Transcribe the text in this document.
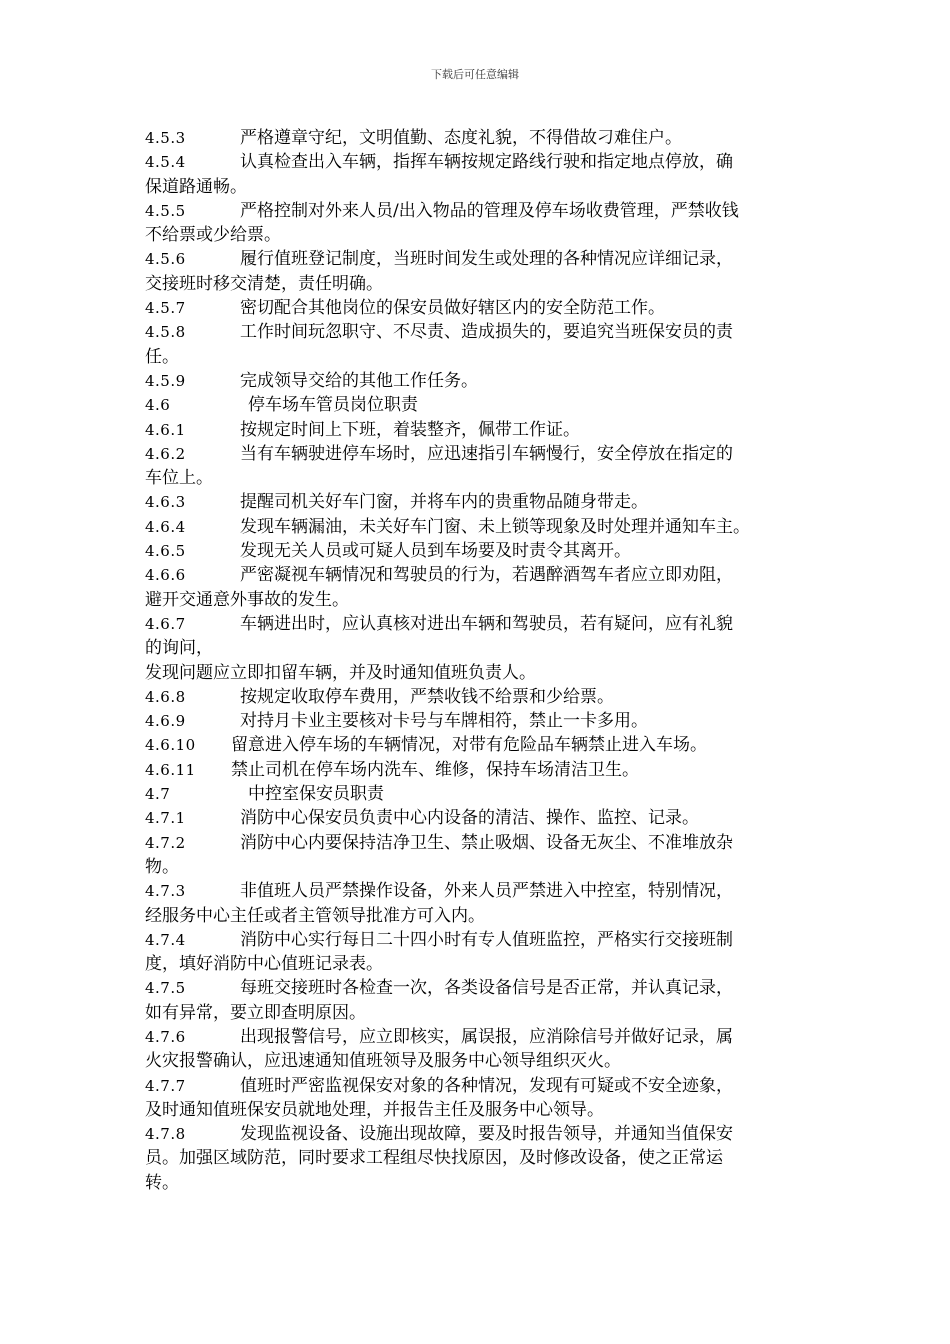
下载后可任意编辑
4.5.3	严格遵章守纪，文明值勤、态度礼貌，不得借故刁难住户。
4.5.4	认真检查出入车辆，指挥车辆按规定路线行驶和指定地点停放，确
保道路通畅。
4.5.5	严格控制对外来人员/出入物品的管理及停车场收费管理，严禁收钱
不给票或少给票。
4.5.6	履行值班登记制度，当班时间发生或处理的各种情况应详细记录，
交接班时移交清楚，责任明确。
4.5.7	密切配合其他岗位的保安员做好辖区内的安全防范工作。
4.5.8	工作时间玩忽职守、不尽责、造成损失的，要追究当班保安员的责
任。
4.5.9	完成领导交给的其他工作任务。
4.6	停车场车管员岗位职责
4.6.1	按规定时间上下班，着装整齐，佩带工作证。
4.6.2	当有车辆驶进停车场时，应迅速指引车辆慢行，安全停放在指定的
车位上。
4.6.3	提醒司机关好车门窗，并将车内的贵重物品随身带走。
4.6.4	发现车辆漏油，未关好车门窗、未上锁等现象及时处理并通知车主。
4.6.5	发现无关人员或可疑人员到车场要及时责令其离开。
4.6.6	严密凝视车辆情况和驾驶员的行为，若遇醉酒驾车者应立即劝阻，
避开交通意外事故的发生。
4.6.7	车辆进出时，应认真核对进出车辆和驾驶员，若有疑问，应有礼貌
的询问，
发现问题应立即扣留车辆，并及时通知值班负责人。
4.6.8	按规定收取停车费用，严禁收钱不给票和少给票。
4.6.9	对持月卡业主要核对卡号与车牌相符，禁止一卡多用。
4.6.10 留意进入停车场的车辆情况，对带有危险品车辆禁止进入车场。
4.6.11 禁止司机在停车场内洗车、维修，保持车场清洁卫生。
4.7	中控室保安员职责
4.7.1	消防中心保安员负责中心内设备的清洁、操作、监控、记录。
4.7.2	消防中心内要保持洁净卫生、禁止吸烟、设备无灰尘、不准堆放杂
物。
4.7.3	非值班人员严禁操作设备，外来人员严禁进入中控室，特别情况，
经服务中心主任或者主管领导批准方可入内。
4.7.4	消防中心实行每日二十四小时有专人值班监控，严格实行交接班制
度，填好消防中心值班记录表。
4.7.5	每班交接班时各检查一次，各类设备信号是否正常，并认真记录，
如有异常，要立即查明原因。
4.7.6	出现报警信号，应立即核实，属误报，应消除信号并做好记录，属
火灾报警确认，应迅速通知值班领导及服务中心领导组织灭火。
4.7.7	值班时严密监视保安对象的各种情况，发现有可疑或不安全迹象，
及时通知值班保安员就地处理，并报告主任及服务中心领导。
4.7.8	发现监视设备、设施出现故障，要及时报告领导，并通知当值保安
员。加强区域防范，同时要求工程组尽快找原因，及时修改设备，使之正常运
转。
